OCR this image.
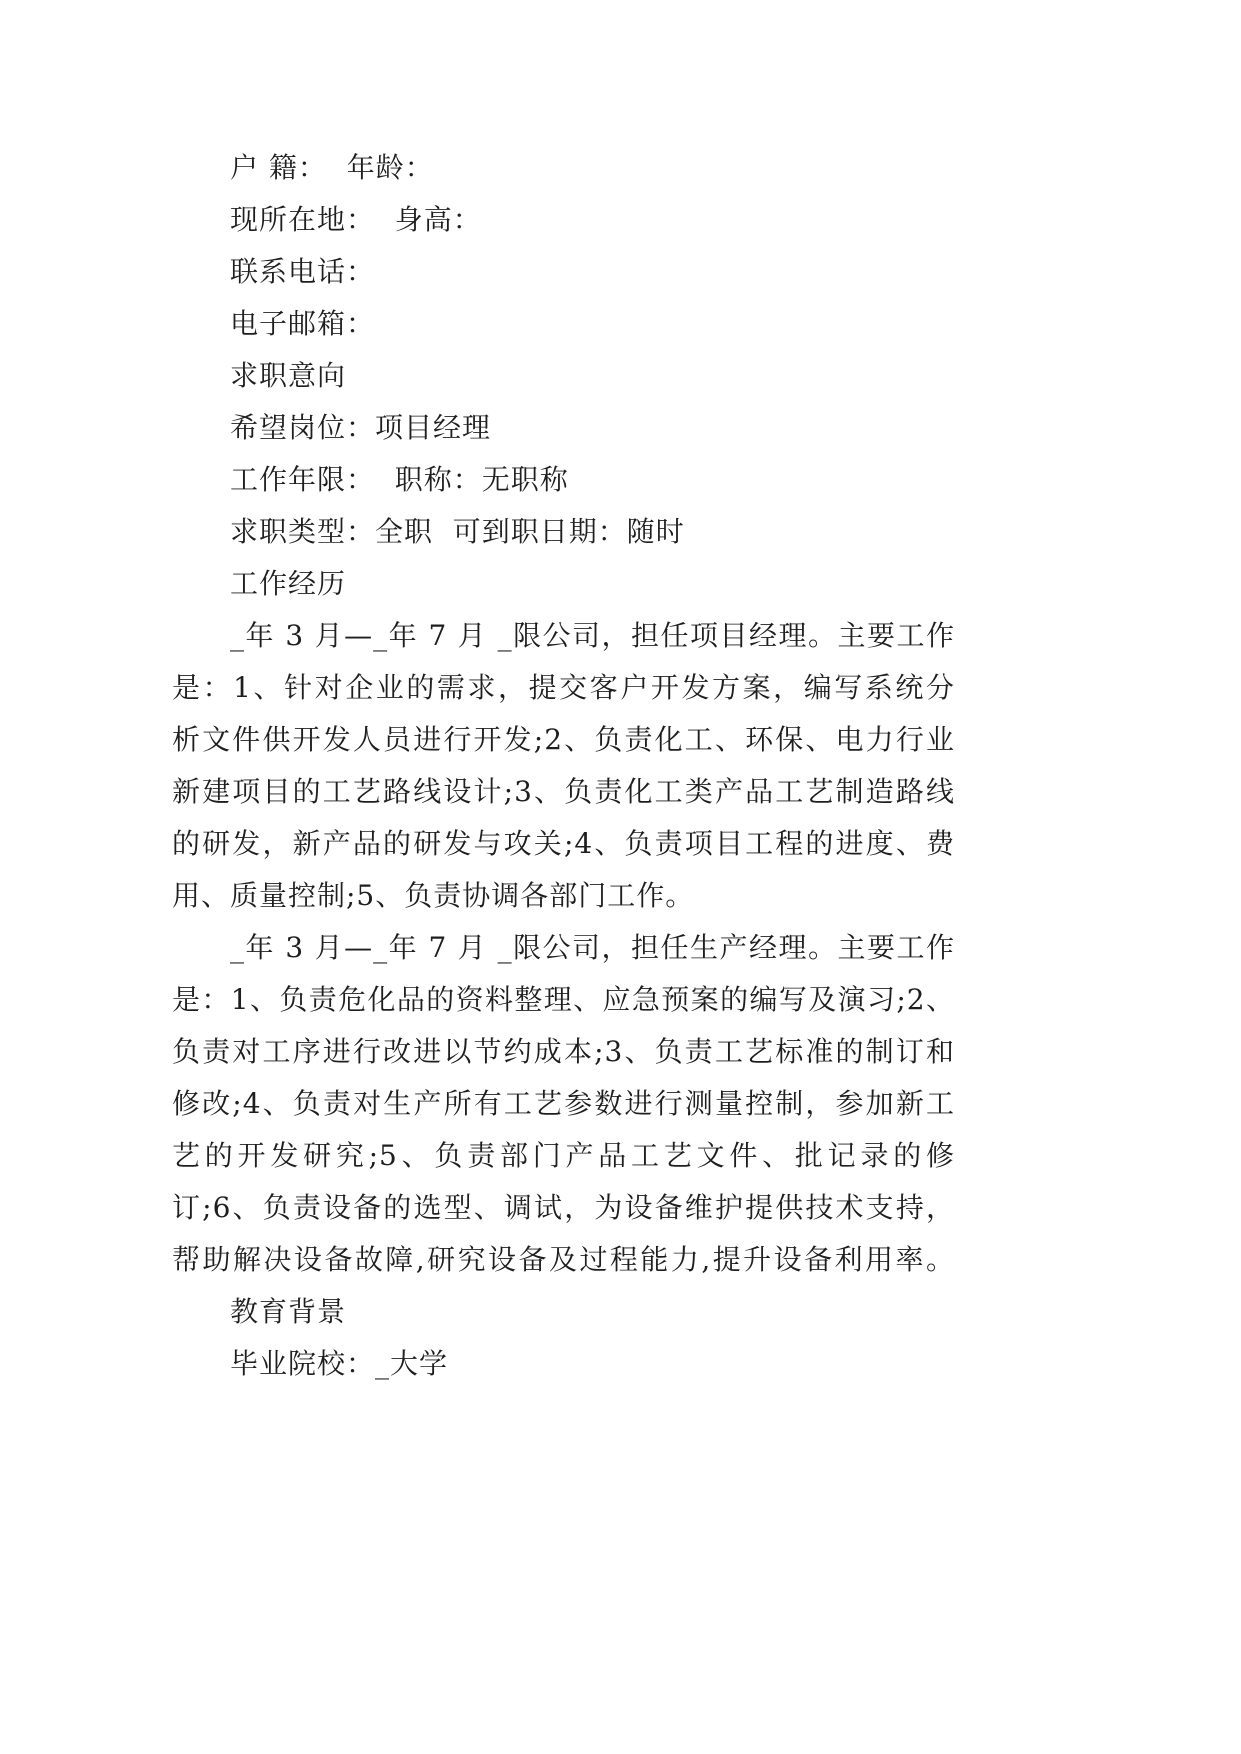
户 籍：  年龄：
现所在地：  身高：
联系电话：
电子邮箱：
求职意向
希望岗位：项目经理
工作年限：  职称：无职称
求职类型：全职  可到职日期：随时
工作经历
_年 3 月—_年 7 月 _限公司，担任项目经理。主要工作
是：1、针对企业的需求，提交客户开发方案，编写系统分
析文件供开发人员进行开发;2、负责化工、环保、电力行业
新建项目的工艺路线设计;3、负责化工类产品工艺制造路线
的研发，新产品的研发与攻关;4、负责项目工程的进度、费
用、质量控制;5、负责协调各部门工作。
_年 3 月—_年 7 月 _限公司，担任生产经理。主要工作
是：1、负责危化品的资料整理、应急预案的编写及演习;2、
负责对工序进行改进以节约成本;3、负责工艺标准的制订和
修改;4、负责对生产所有工艺参数进行测量控制，参加新工
艺的开发研究;5、负责部门产品工艺文件、批记录的修
订;6、负责设备的选型、调试，为设备维护提供技术支持，
帮助解决设备故障,研究设备及过程能力,提升设备利用率。
教育背景
毕业院校：_大学
